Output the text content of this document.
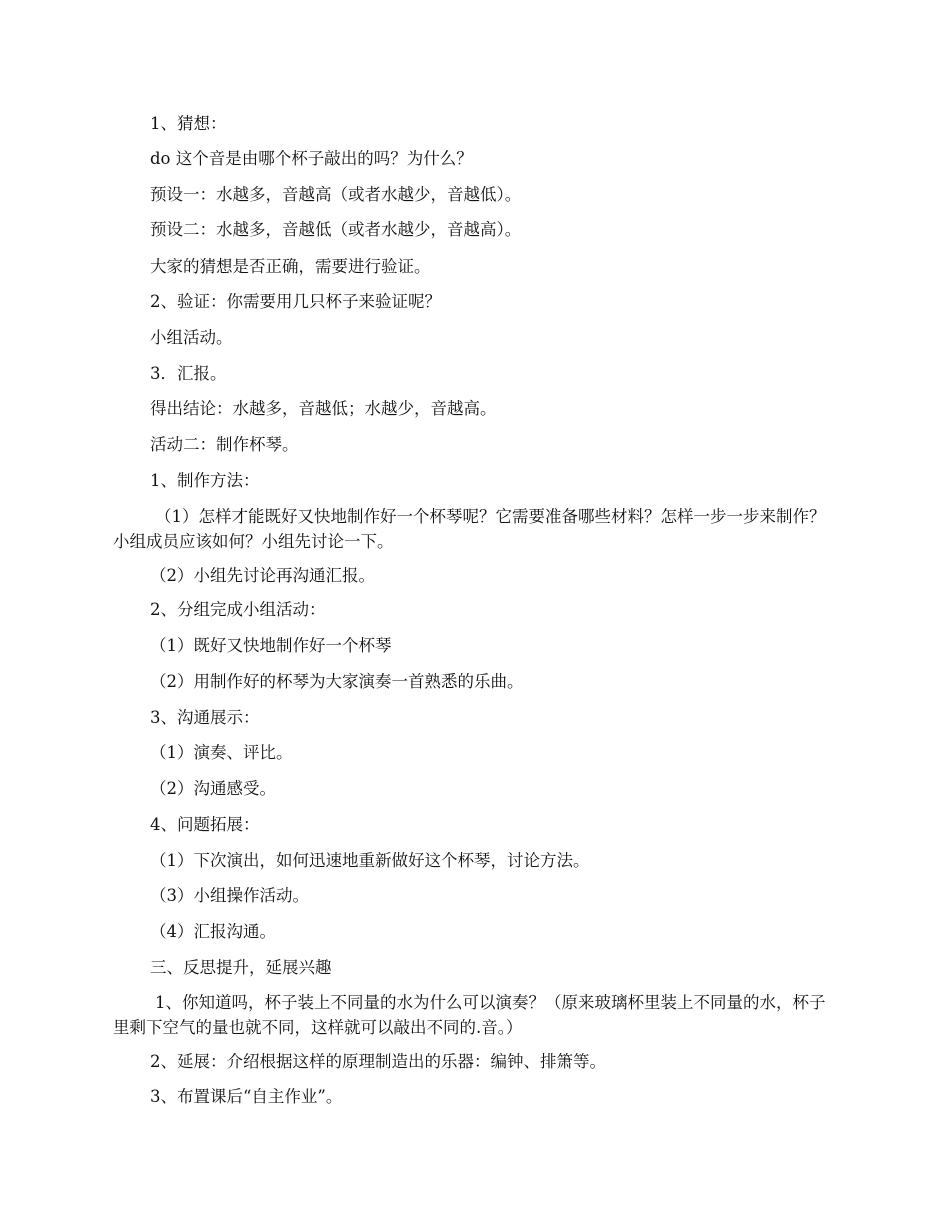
1、猜想：
do 这个音是由哪个杯子敲出的吗？为什么？
预设一：水越多，音越高（或者水越少，音越低）。
预设二：水越多，音越低（或者水越少，音越高）。
大家的猜想是否正确，需要进行验证。
2、验证：你需要用几只杯子来验证呢？
小组活动。
3．汇报。
得出结论：水越多，音越低；水越少，音越高。
活动二：制作杯琴。
1、制作方法：
（1）怎样才能既好又快地制作好一个杯琴呢？它需要准备哪些材料？怎样一步一步来制作？小组成员应该如何？小组先讨论一下。
（2）小组先讨论再沟通汇报。
2、分组完成小组活动：
（1）既好又快地制作好一个杯琴
（2）用制作好的杯琴为大家演奏一首熟悉的乐曲。
3、沟通展示：
（1）演奏、评比。
（2）沟通感受。
4、问题拓展：
（1）下次演出，如何迅速地重新做好这个杯琴，讨论方法。
（3）小组操作活动。
（4）汇报沟通。
三、反思提升，延展兴趣
1、你知道吗，杯子装上不同量的水为什么可以演奏？（原来玻璃杯里装上不同量的水，杯子里剩下空气的量也就不同，这样就可以敲出不同的.音。）
2、延展：介绍根据这样的原理制造出的乐器：编钟、排箫等。
3、布置课后“自主作业”。
